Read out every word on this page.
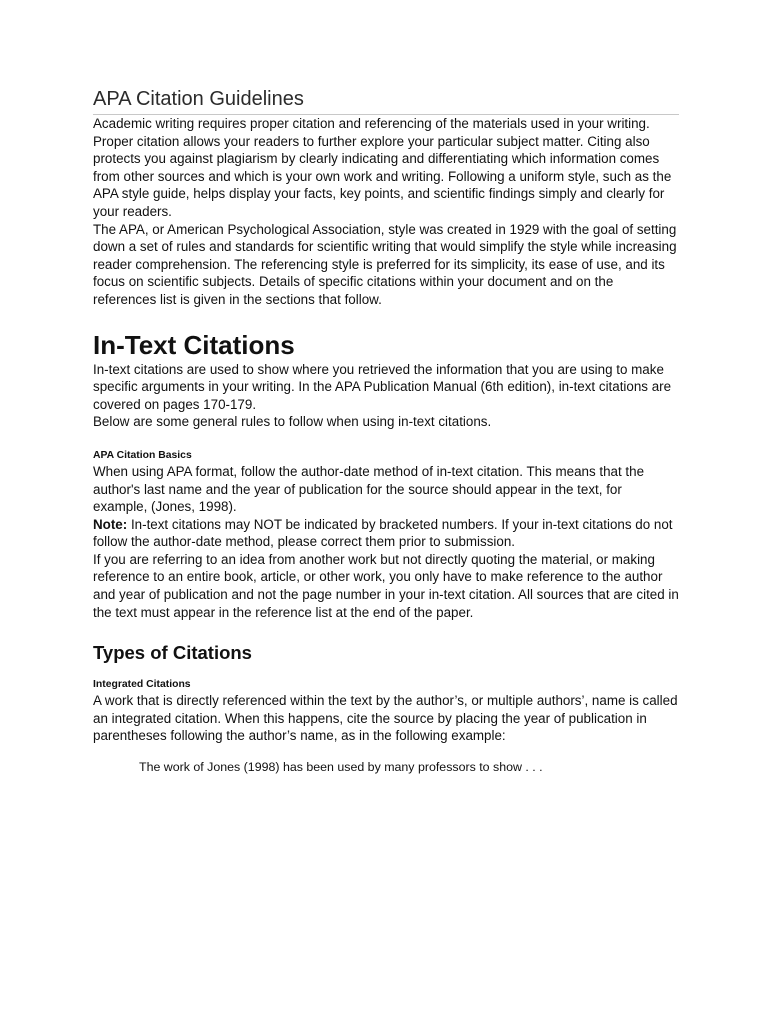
APA Citation Guidelines

Academic writing requires proper citation and referencing of the materials used in your writing. Proper citation allows your readers to further explore your particular subject matter. Citing also protects you against plagiarism by clearly indicating and differentiating which information comes from other sources and which is your own work and writing. Following a uniform style, such as the APA style guide, helps display your facts, key points, and scientific findings simply and clearly for your readers.

The APA, or American Psychological Association, style was created in 1929 with the goal of setting down a set of rules and standards for scientific writing that would simplify the style while increasing reader comprehension. The referencing style is preferred for its simplicity, its ease of use, and its focus on scientific subjects. Details of specific citations within your document and on the references list is given in the sections that follow.

In-Text Citations

In-text citations are used to show where you retrieved the information that you are using to make specific arguments in your writing. In the APA Publication Manual (6th edition), in-text citations are covered on pages 170-179.

Below are some general rules to follow when using in-text citations.

APA Citation Basics

When using APA format, follow the author-date method of in-text citation. This means that the author's last name and the year of publication for the source should appear in the text, for example, (Jones, 1998).

Note: In-text citations may NOT be indicated by bracketed numbers. If your in-text citations do not follow the author-date method, please correct them prior to submission.

If you are referring to an idea from another work but not directly quoting the material, or making reference to an entire book, article, or other work, you only have to make reference to the author and year of publication and not the page number in your in-text citation. All sources that are cited in the text must appear in the reference list at the end of the paper.

Types of Citations
Integrated Citations

A work that is directly referenced within the text by the author’s, or multiple authors’, name is called an integrated citation. When this happens, cite the source by placing the year of publication in parentheses following the author’s name, as in the following example:

The work of Jones (1998) has been used by many professors to show . . .
